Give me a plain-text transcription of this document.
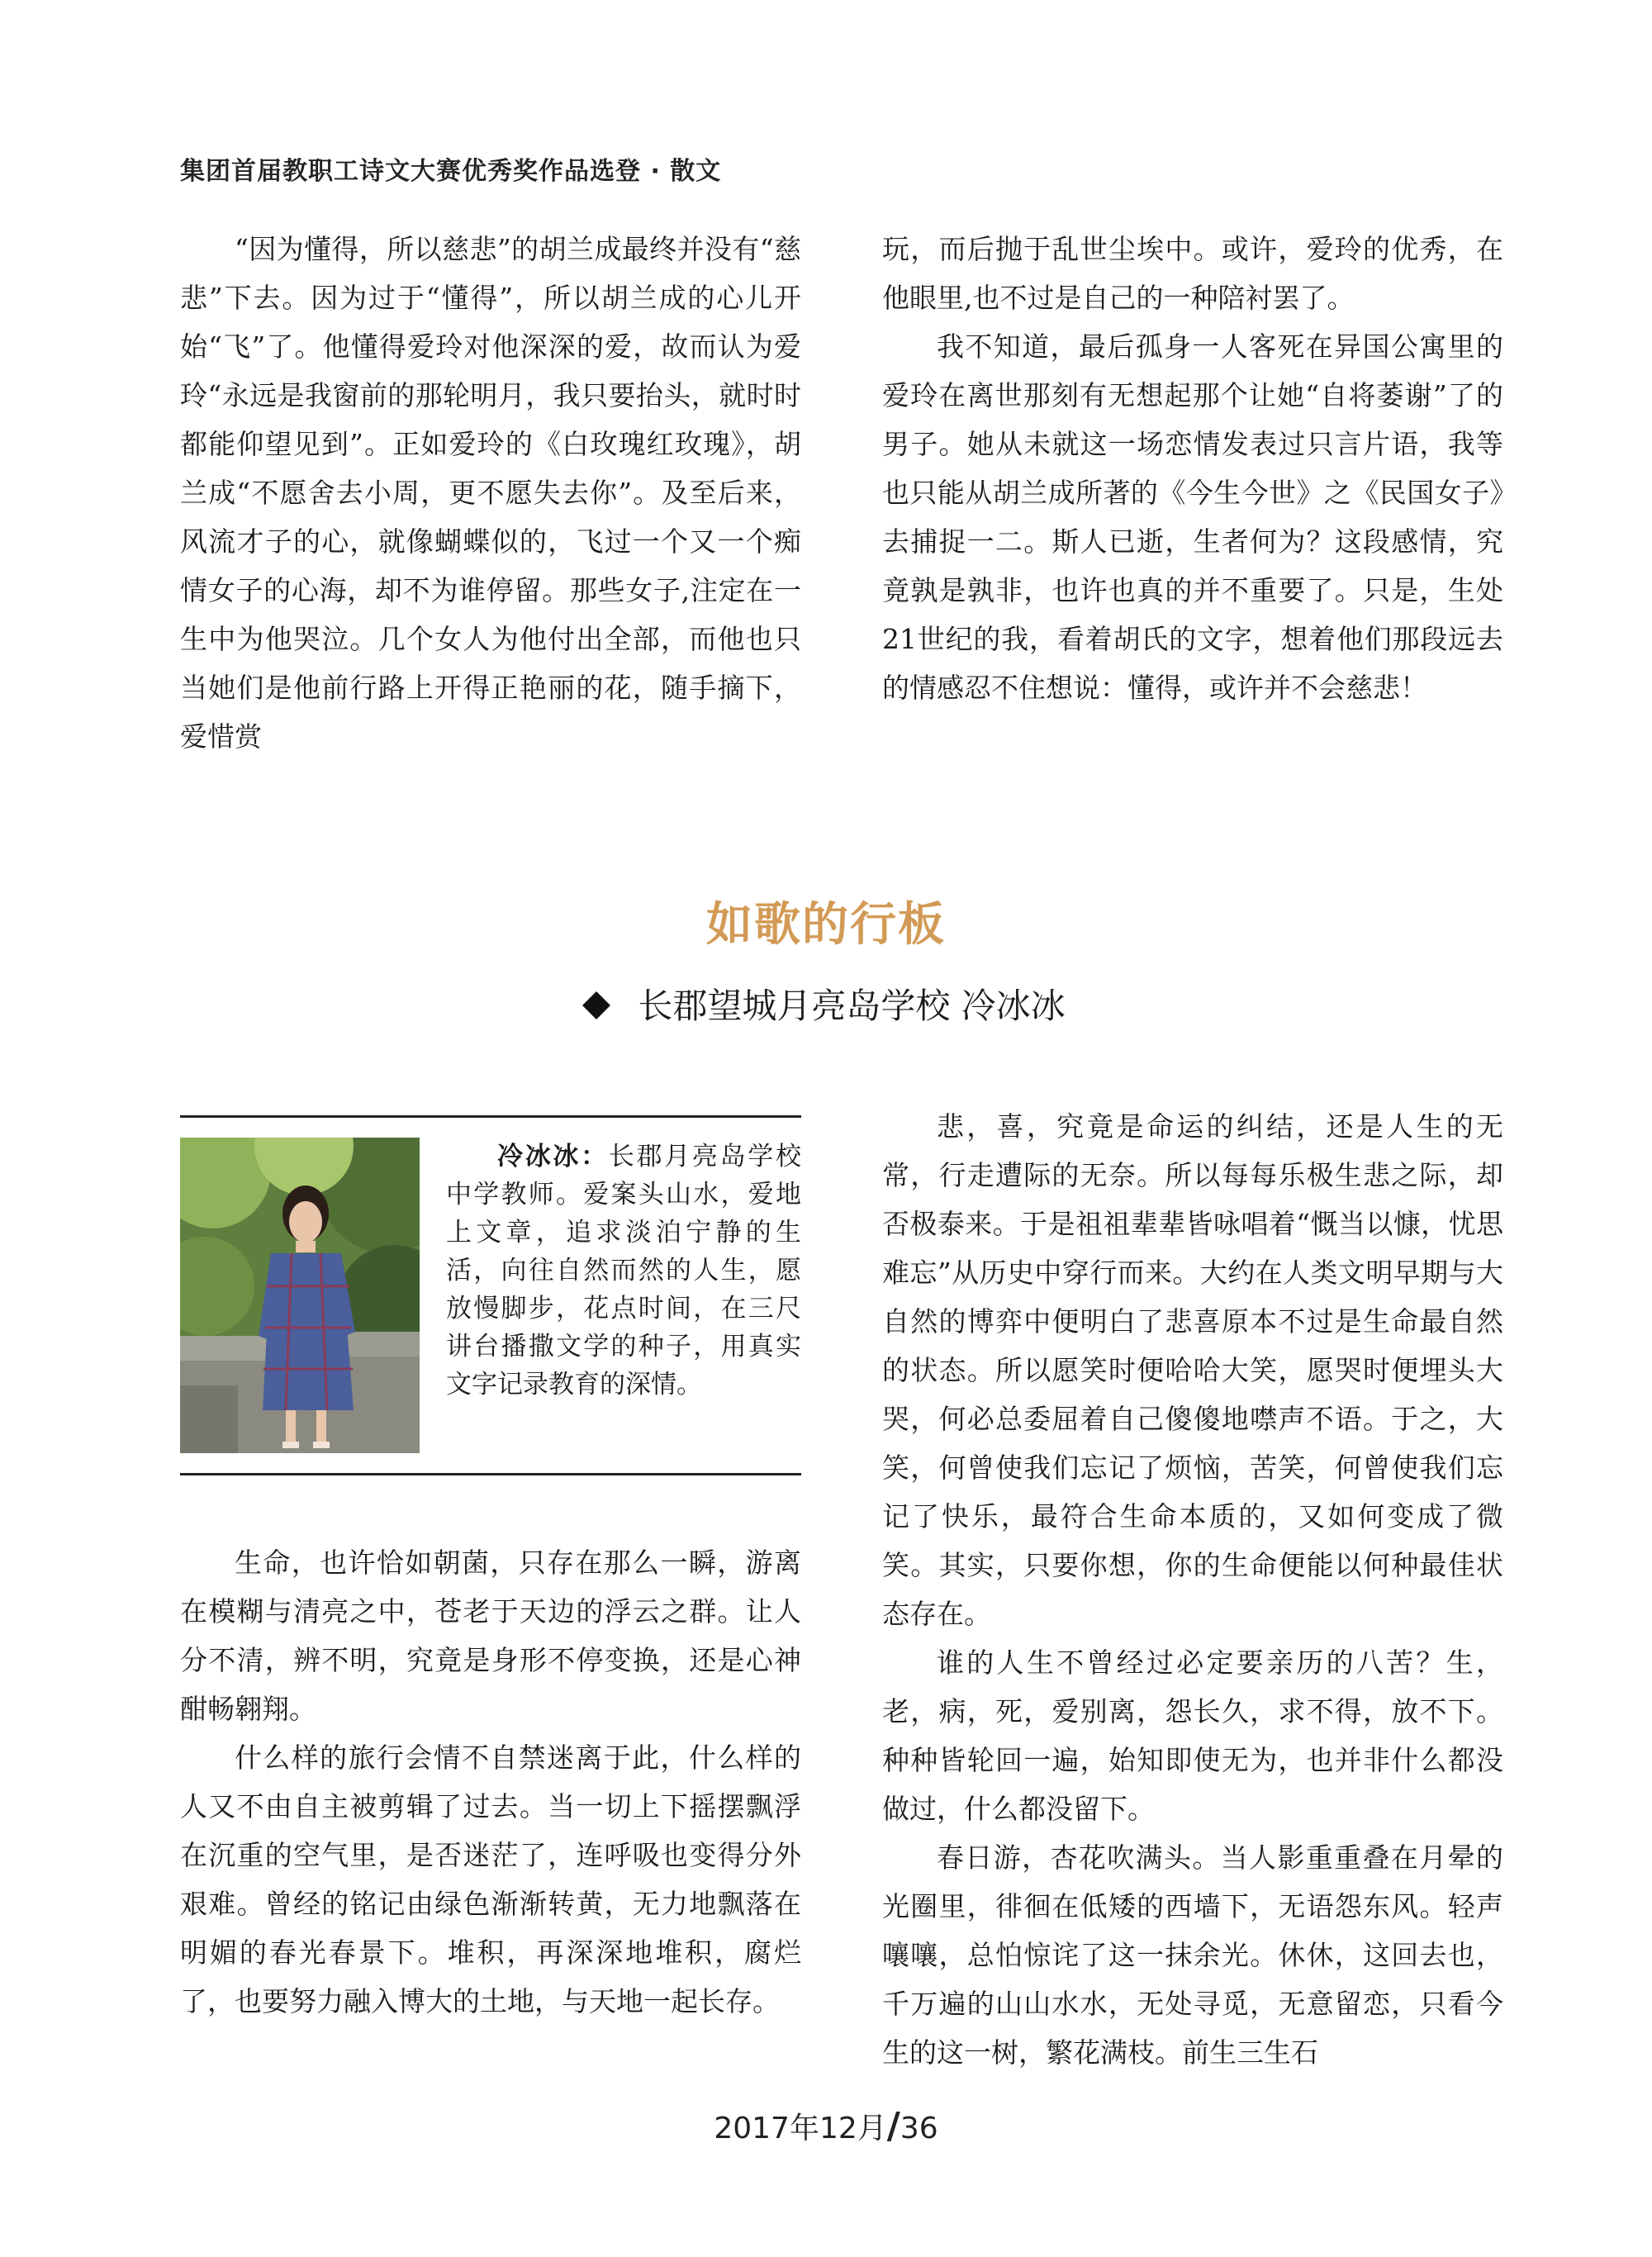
集团首届教职工诗文大赛优秀奖作品选登 · 散文

“因为懂得，所以慈悲”的胡兰成最终并没有“慈悲”下去。因为过于“懂得”，所以胡兰成的心儿开始“飞”了。他懂得爱玲对他深深的爱，故而认为爱玲“永远是我窗前的那轮明月，我只要抬头，就时时都能仰望见到”。正如爱玲的《白玫瑰红玫瑰》，胡兰成“不愿舍去小周，更不愿失去你”。及至后来，风流才子的心，就像蝴蝶似的，飞过一个又一个痴情女子的心海，却不为谁停留。那些女子,注定在一生中为他哭泣。几个女人为他付出全部，而他也只当她们是他前行路上开得正艳丽的花，随手摘下，爱惜赏

玩，而后抛于乱世尘埃中。或许，爱玲的优秀，在他眼里,也不过是自己的一种陪衬罢了。

我不知道，最后孤身一人客死在异国公寓里的爱玲在离世那刻有无想起那个让她“自将萎谢”了的男子。她从未就这一场恋情发表过只言片语，我等也只能从胡兰成所著的《今生今世》之《民国女子》去捕捉一二。斯人已逝，生者何为？这段感情，究竟孰是孰非，也许也真的并不重要了。只是，生处21世纪的我，看着胡氏的文字，想着他们那段远去的情感忍不住想说：懂得，或许并不会慈悲！

如歌的行板
长郡望城月亮岛学校 冷冰冰
冷冰冰：长郡月亮岛学校中学教师。爱案头山水，爱地上文章，追求淡泊宁静的生活，向往自然而然的人生，愿放慢脚步，花点时间，在三尺讲台播撒文学的种子，用真实文字记录教育的深情。

生命，也许恰如朝菌，只存在那么一瞬，游离在模糊与清亮之中，苍老于天边的浮云之群。让人分不清，辨不明，究竟是身形不停变换，还是心神酣畅翱翔。

什么样的旅行会情不自禁迷离于此，什么样的人又不由自主被剪辑了过去。当一切上下摇摆飘浮在沉重的空气里，是否迷茫了，连呼吸也变得分外艰难。曾经的铭记由绿色渐渐转黄，无力地飘落在明媚的春光春景下。堆积，再深深地堆积，腐烂了，也要努力融入博大的土地，与天地一起长存。

悲，喜，究竟是命运的纠结，还是人生的无常，行走遭际的无奈。所以每每乐极生悲之际，却否极泰来。于是祖祖辈辈皆咏唱着“慨当以慷，忧思难忘”从历史中穿行而来。大约在人类文明早期与大自然的博弈中便明白了悲喜原本不过是生命最自然的状态。所以愿笑时便哈哈大笑，愿哭时便埋头大哭，何必总委屈着自己傻傻地噤声不语。于之，大笑，何曾使我们忘记了烦恼，苦笑，何曾使我们忘记了快乐，最符合生命本质的，又如何变成了微笑。其实，只要你想，你的生命便能以何种最佳状态存在。

谁的人生不曾经过必定要亲历的八苦？生，老，病，死，爱别离，怨长久，求不得，放不下。种种皆轮回一遍，始知即使无为，也并非什么都没做过，什么都没留下。

春日游，杏花吹满头。当人影重重叠在月晕的光圈里，徘徊在低矮的西墙下，无语怨东风。轻声嚷嚷，总怕惊诧了这一抹余光。休休，这回去也，千万遍的山山水水，无处寻觅，无意留恋，只看今生的这一树，繁花满枝。前生三生石

2017年12月/36
